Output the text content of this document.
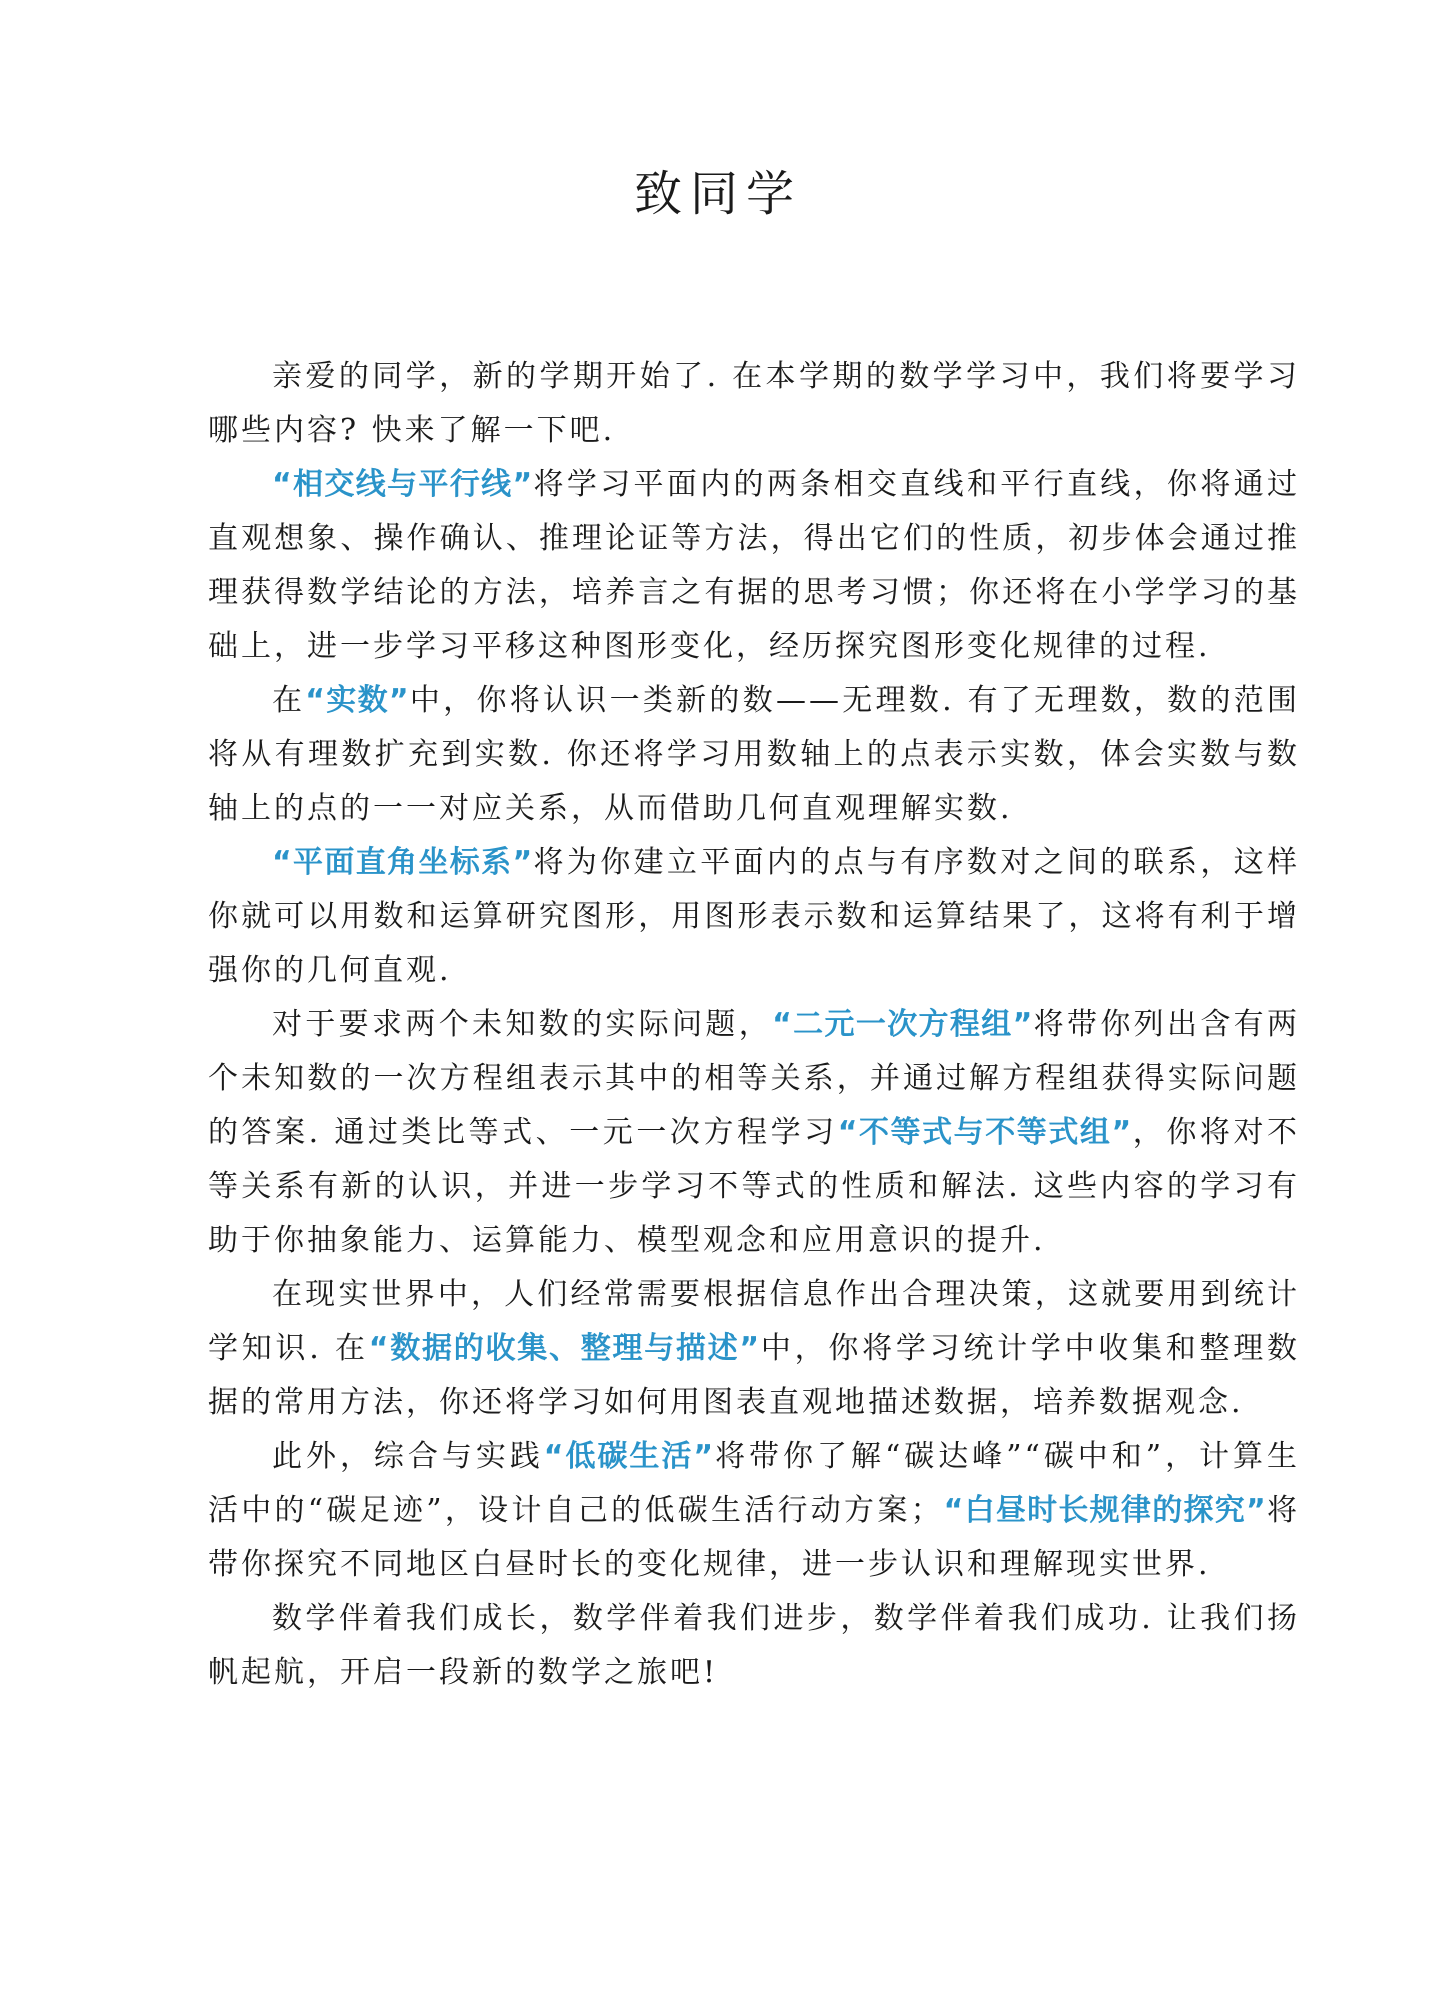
致同学

亲爱的同学，新的学期开始了. 在本学期的数学学习中，我们将要学习哪些内容? 快来了解一下吧.

“相交线与平行线”将学习平面内的两条相交直线和平行直线，你将通过直观想象、操作确认、推理论证等方法，得出它们的性质，初步体会通过推理获得数学结论的方法，培养言之有据的思考习惯；你还将在小学学习的基础上，进一步学习平移这种图形变化，经历探究图形变化规律的过程.

在“实数”中，你将认识一类新的数——无理数. 有了无理数，数的范围将从有理数扩充到实数. 你还将学习用数轴上的点表示实数，体会实数与数轴上的点的一一对应关系，从而借助几何直观理解实数.

“平面直角坐标系”将为你建立平面内的点与有序数对之间的联系，这样你就可以用数和运算研究图形，用图形表示数和运算结果了，这将有利于增强你的几何直观.

对于要求两个未知数的实际问题，“二元一次方程组”将带你列出含有两个未知数的一次方程组表示其中的相等关系，并通过解方程组获得实际问题的答案. 通过类比等式、一元一次方程学习“不等式与不等式组”，你将对不等关系有新的认识，并进一步学习不等式的性质和解法. 这些内容的学习有助于你抽象能力、运算能力、模型观念和应用意识的提升.

在现实世界中，人们经常需要根据信息作出合理决策，这就要用到统计学知识. 在“数据的收集、整理与描述”中，你将学习统计学中收集和整理数据的常用方法，你还将学习如何用图表直观地描述数据，培养数据观念.

此外，综合与实践“低碳生活”将带你了解“碳达峰”“碳中和”，计算生活中的“碳足迹”，设计自己的低碳生活行动方案；“白昼时长规律的探究”将带你探究不同地区白昼时长的变化规律，进一步认识和理解现实世界.

数学伴着我们成长，数学伴着我们进步，数学伴着我们成功. 让我们扬帆起航，开启一段新的数学之旅吧!
